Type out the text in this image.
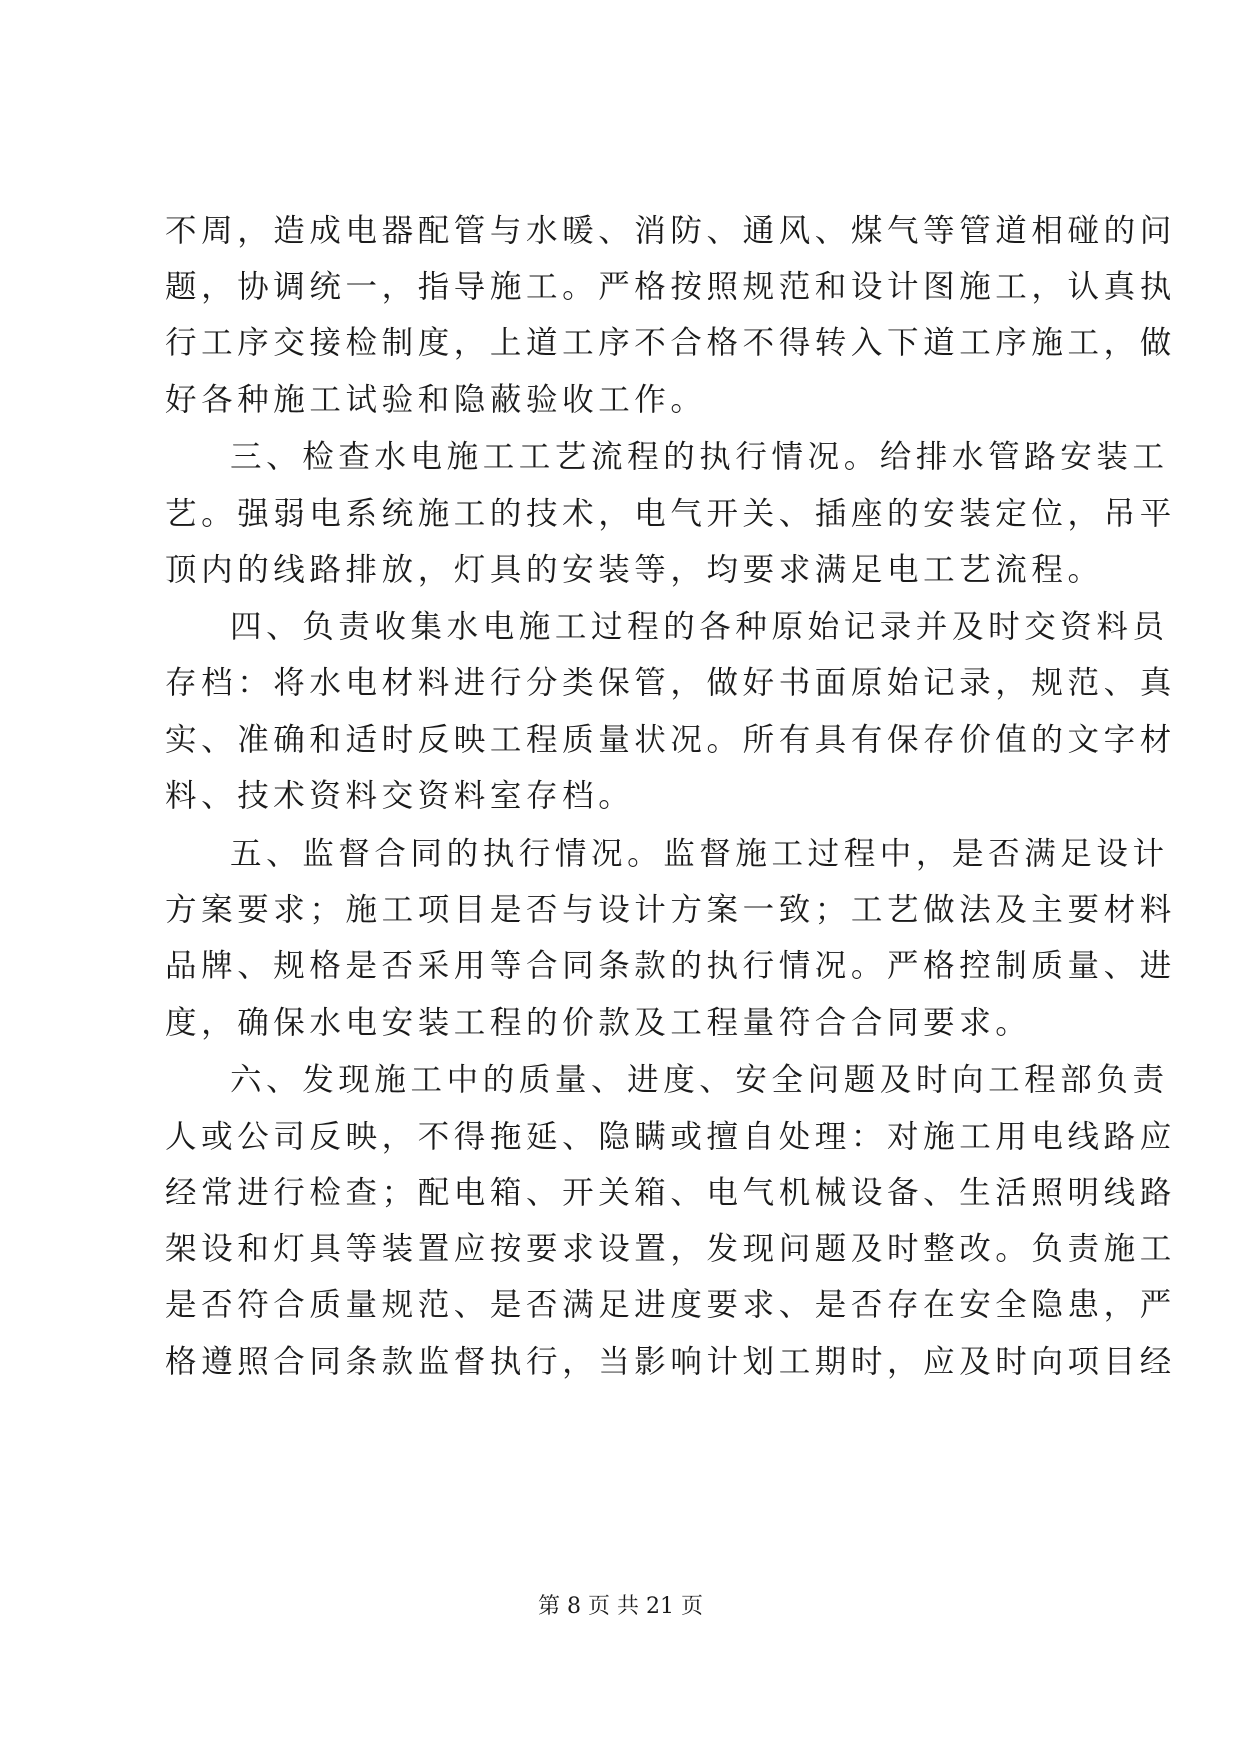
不周，造成电器配管与水暖、消防、通风、煤气等管道相碰的问
题，协调统一，指导施工。严格按照规范和设计图施工，认真执
行工序交接检制度，上道工序不合格不得转入下道工序施工，做
好各种施工试验和隐蔽验收工作。
三、检查水电施工工艺流程的执行情况。给排水管路安装工
艺。强弱电系统施工的技术，电气开关、插座的安装定位，吊平
顶内的线路排放，灯具的安装等，均要求满足电工艺流程。
四、负责收集水电施工过程的各种原始记录并及时交资料员
存档：将水电材料进行分类保管，做好书面原始记录，规范、真
实、准确和适时反映工程质量状况。所有具有保存价值的文字材
料、技术资料交资料室存档。
五、监督合同的执行情况。监督施工过程中，是否满足设计
方案要求；施工项目是否与设计方案一致；工艺做法及主要材料
品牌、规格是否采用等合同条款的执行情况。严格控制质量、进
度，确保水电安装工程的价款及工程量符合合同要求。
六、发现施工中的质量、进度、安全问题及时向工程部负责
人或公司反映，不得拖延、隐瞒或擅自处理：对施工用电线路应
经常进行检查；配电箱、开关箱、电气机械设备、生活照明线路
架设和灯具等装置应按要求设置，发现问题及时整改。负责施工
是否符合质量规范、是否满足进度要求、是否存在安全隐患，严
格遵照合同条款监督执行，当影响计划工期时，应及时向项目经
第 8 页 共 21 页
